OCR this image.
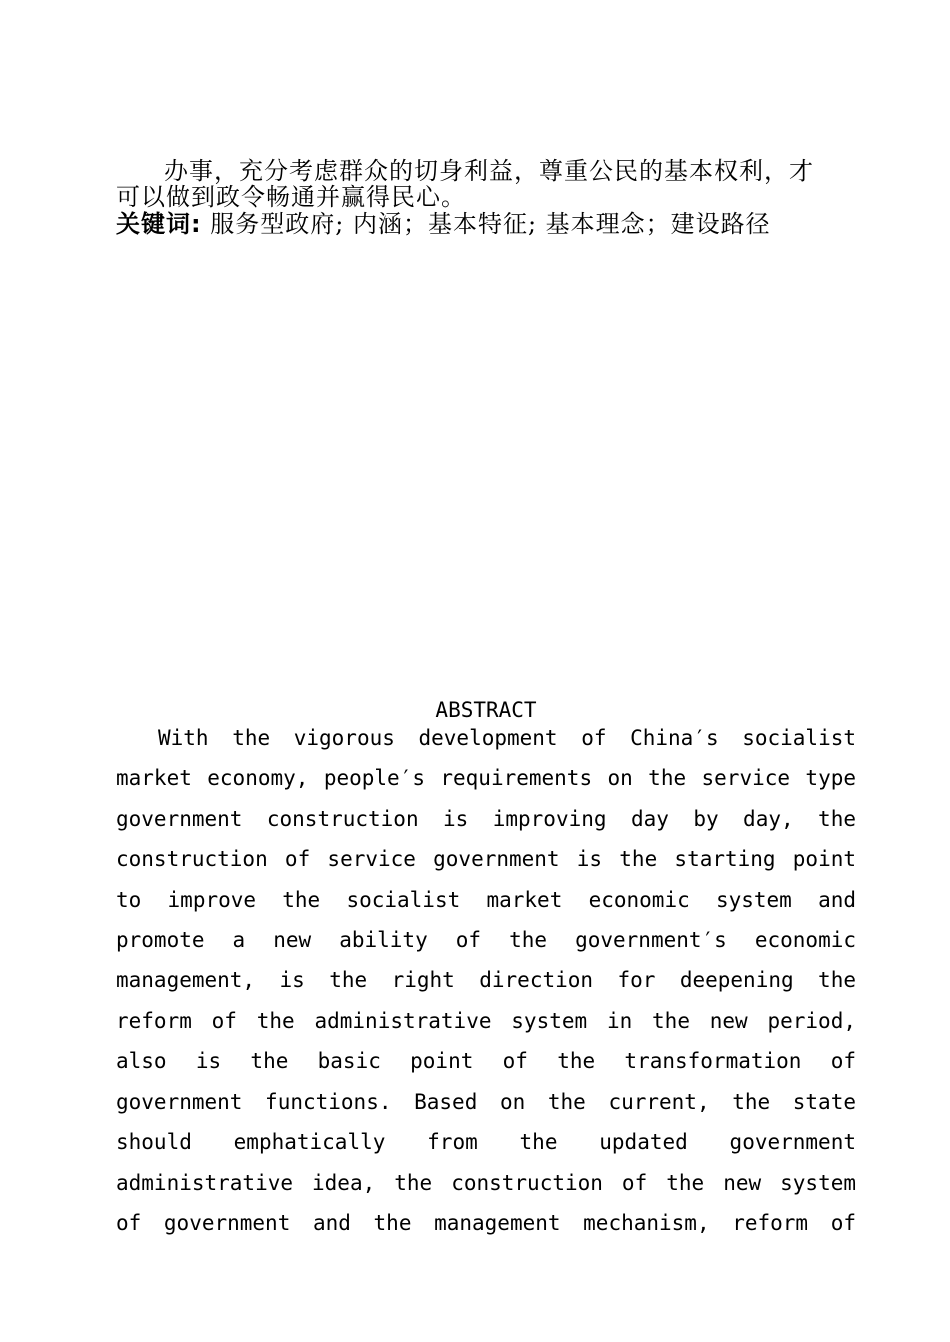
办事，充分考虑群众的切身利益，尊重公民的基本权利，才
可以做到政令畅通并赢得民心。
关键词: 服务型政府; 内涵；基本特征; 基本理念；建设路径
ABSTRACT
With the vigorous development of China′s socialist
market economy, people′s requirements on the service type
government construction is improving day by day, the
construction of service government is the starting point
to improve the socialist market economic system and
promote a new ability of the government′s economic
management, is the right direction for deepening the
reform of the administrative system in the new period,
also is the basic point of the transformation of
government functions. Based on the current, the state
should emphatically from the updated government
administrative idea, the construction of the new system
of government and the management mechanism, reform of
